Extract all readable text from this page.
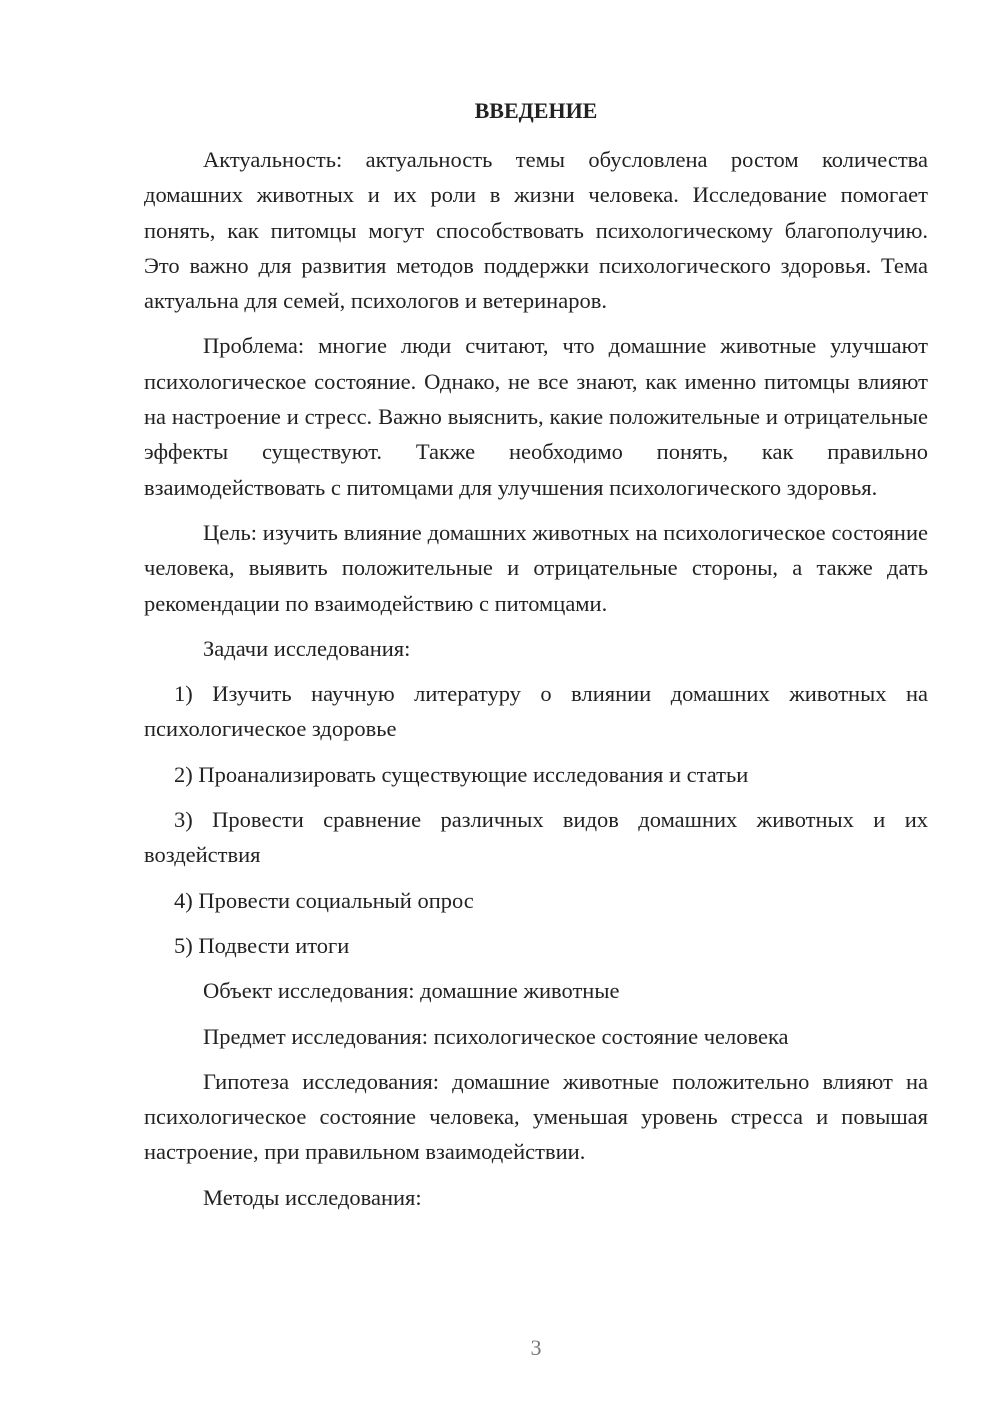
ВВЕДЕНИЕ

Актуальность: актуальность темы обусловлена ростом количества домашних животных и их роли в жизни человека. Исследование помогает понять, как питомцы могут способствовать психологическому благополучию. Это важно для развития методов поддержки психологического здоровья. Тема актуальна для семей, психологов и ветеринаров.

Проблема: многие люди считают, что домашние животные улучшают психологическое состояние. Однако, не все знают, как именно питомцы влияют на настроение и стресс. Важно выяснить, какие положительные и отрицательные эффекты существуют. Также необходимо понять, как правильно взаимодействовать с питомцами для улучшения психологического здоровья.

Цель: изучить влияние домашних животных на психологическое состояние человека, выявить положительные и отрицательные стороны, а также дать рекомендации по взаимодействию с питомцами.

Задачи исследования:

1) Изучить научную литературу о влиянии домашних животных на психологическое здоровье

2) Проанализировать существующие исследования и статьи

3) Провести сравнение различных видов домашних животных и их воздействия

4) Провести социальный опрос

5) Подвести итоги

Объект исследования: домашние животные

Предмет исследования: психологическое состояние человека

Гипотеза исследования: домашние животные положительно влияют на психологическое состояние человека, уменьшая уровень стресса и повышая настроение, при правильном взаимодействии.

Методы исследования:

3
